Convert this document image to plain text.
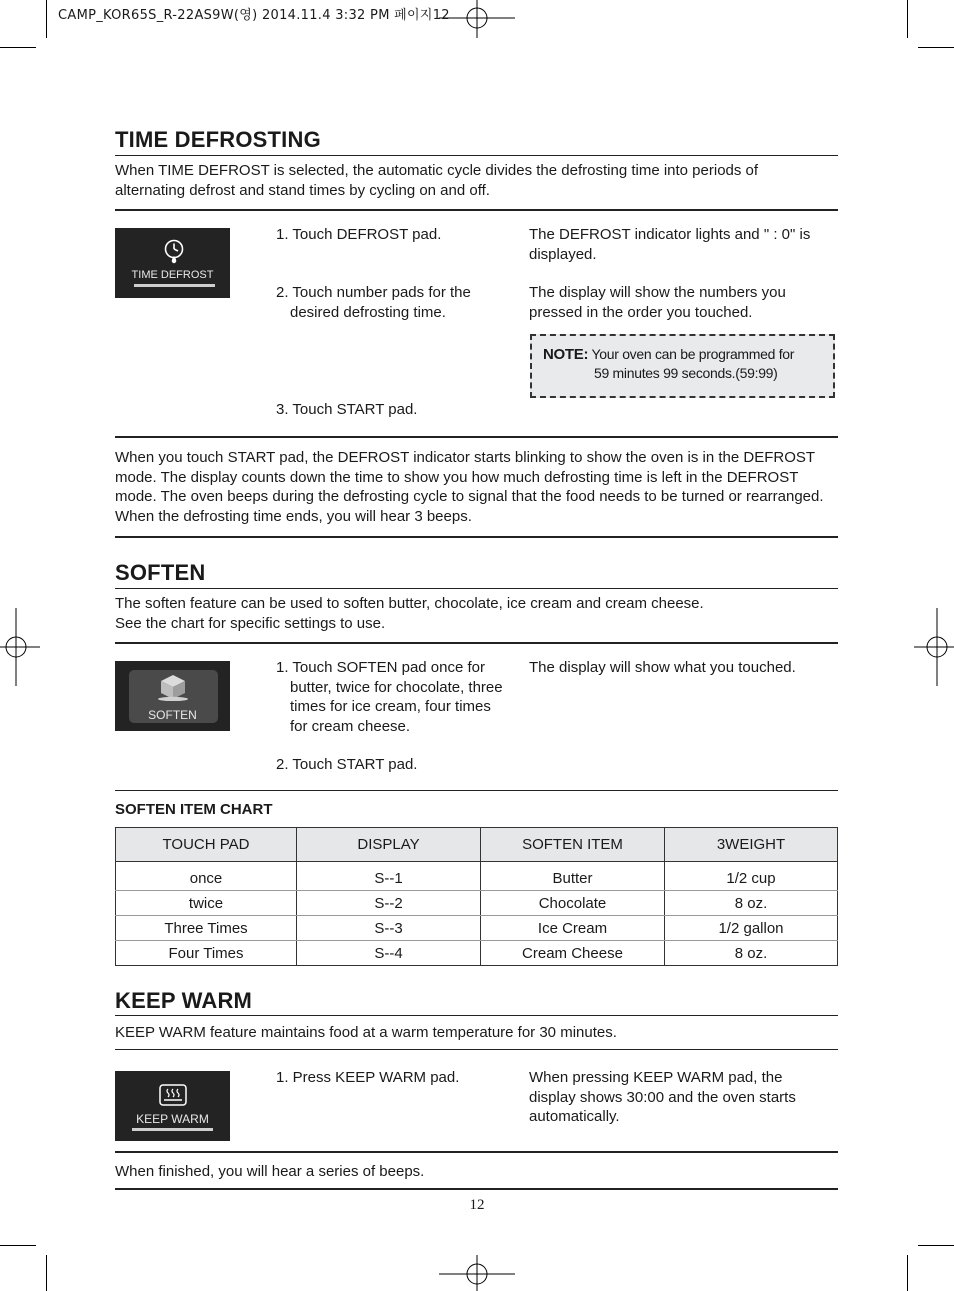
CAMP_KOR65S_R-22AS9W(영) 2014.11.4 3:32 PM 페이지12
TIME DEFROSTING
When TIME DEFROST is selected, the automatic cycle divides the defrosting time into periods of
alternating defrost and stand times by cycling on and off.
TIME DEFROST
1. Touch DEFROST pad.	The DEFROST indicator lights and " : 0" is
displayed.
2. Touch number pads for the
desired defrosting time.
The display will show the numbers you
pressed in the order you touched.
NOTE: Your oven can be programmed for
59 minutes 99 seconds.(59:99)
3. Touch START pad.
When you touch START pad, the DEFROST indicator starts blinking to show the oven is in the DEFROST
mode. The display counts down the time to show you how much defrosting time is left in the DEFROST
mode. The oven beeps during the defrosting cycle to signal that the food needs to be turned or rearranged.
When the defrosting time ends, you will hear 3 beeps.
SOFTEN
The soften feature can be used to soften butter, chocolate, ice cream and cream cheese.
See the chart for specific settings to use.
SOFTEN
1. Touch SOFTEN pad once for
butter, twice for chocolate, three
times for ice cream, four times
for cream cheese.
The display will show what you touched.
2. Touch START pad.
SOFTEN ITEM CHART
TOUCH PAD	DISPLAY	SOFTEN ITEM	3WEIGHT
once	S--1	Butter	1/2 cup
twice	S--2	Chocolate	8 oz.
Three Times	S--3	Ice Cream	1/2 gallon
Four Times	S--4	Cream Cheese	8 oz.
KEEP WARM
KEEP WARM feature maintains food at a warm temperature for 30 minutes.
KEEP WARM
1. Press KEEP WARM pad.	When pressing KEEP WARM pad, the
display shows 30:00 and the oven starts
automatically.
When finished, you will hear a series of beeps.
12
